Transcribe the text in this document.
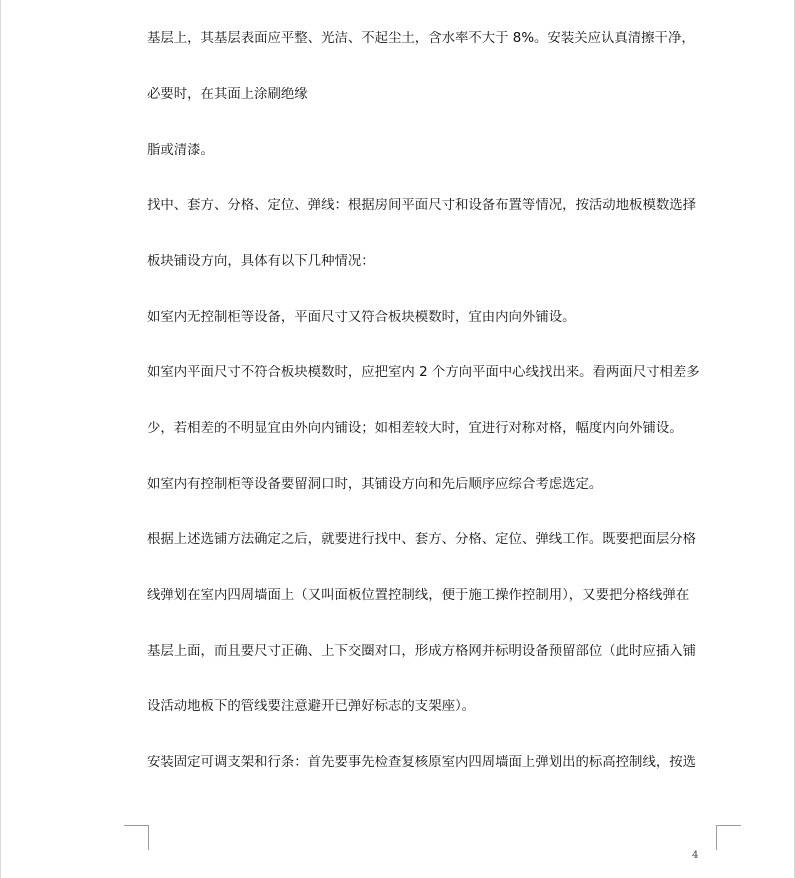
基层上，其基层表面应平整、光洁、不起尘土，含水率不大于 8%。安装关应认真清擦干净，
必要时，在其面上涂刷绝缘
脂或清漆。
找中、套方、分格、定位、弹线：根据房间平面尺寸和设备布置等情况，按活动地板模数选择
板块铺设方向，具体有以下几种情况：
如室内无控制柜等设备，平面尺寸又符合板块模数时，宜由内向外铺设。
如室内平面尺寸不符合板块模数时，应把室内 2 个方向平面中心线找出来。看两面尺寸相差多
少，若相差的不明显宜由外向内铺设；如相差较大时，宜进行对称对格，幅度内向外铺设。
如室内有控制柜等设备要留洞口时，其铺设方向和先后顺序应综合考虑选定。
根据上述选铺方法确定之后，就要进行找中、套方、分格、定位、弹线工作。既要把面层分格
线弹划在室内四周墙面上（又叫面板位置控制线，便于施工操作控制用），又要把分格线弹在
基层上面，而且要尺寸正确、上下交圈对口，形成方格网并标明设备预留部位（此时应插入铺
设活动地板下的管线要注意避开已弹好标志的支架座）。
安装固定可调支架和行条：首先要事先检查复核原室内四周墙面上弹划出的标高控制线，按选
4
